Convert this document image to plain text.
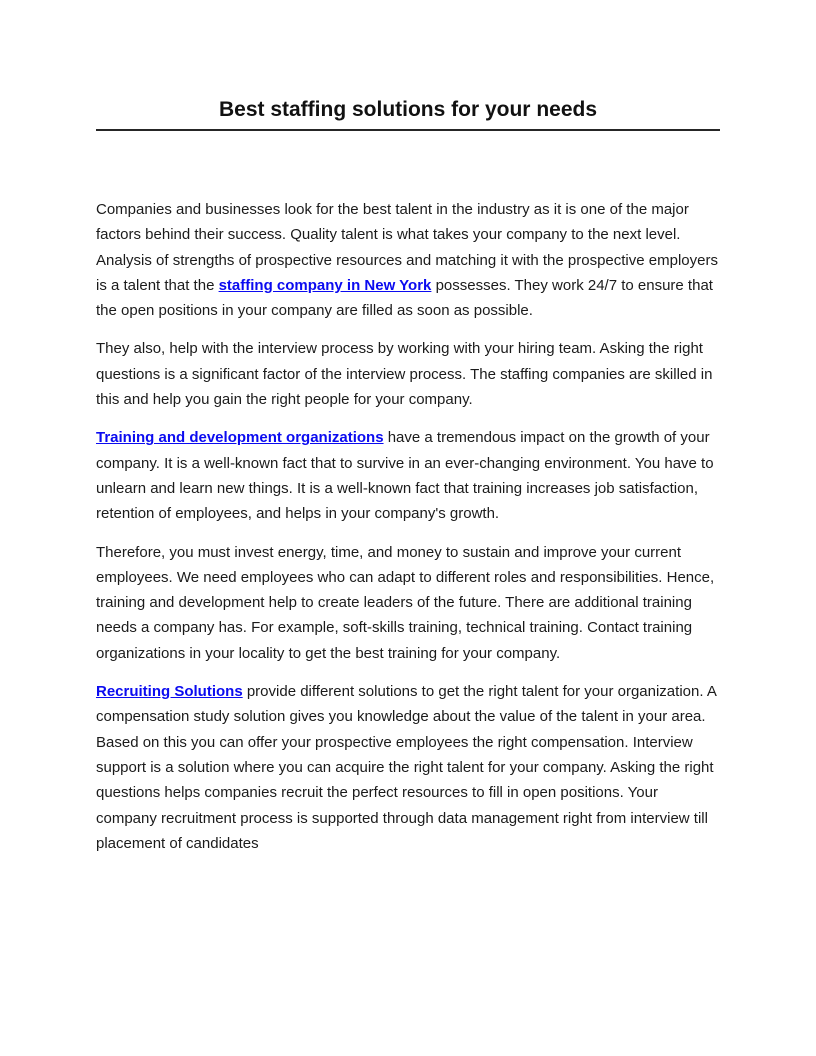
Best staffing solutions for your needs

Companies and businesses look for the best talent in the industry as it is one of the major factors behind their success. Quality talent is what takes your company to the next level. Analysis of strengths of prospective resources and matching it with the prospective employers is a talent that the staffing company in New York possesses. They work 24/7 to ensure that the open positions in your company are filled as soon as possible.

They also, help with the interview process by working with your hiring team. Asking the right questions is a significant factor of the interview process. The staffing companies are skilled in this and help you gain the right people for your company.

Training and development organizations have a tremendous impact on the growth of your company. It is a well-known fact that to survive in an ever-changing environment. You have to unlearn and learn new things. It is a well-known fact that training increases job satisfaction, retention of employees, and helps in your company's growth.

Therefore, you must invest energy, time, and money to sustain and improve your current employees. We need employees who can adapt to different roles and responsibilities. Hence, training and development help to create leaders of the future. There are additional training needs a company has. For example, soft-skills training, technical training. Contact training organizations in your locality to get the best training for your company.

Recruiting Solutions provide different solutions to get the right talent for your organization. A compensation study solution gives you knowledge about the value of the talent in your area. Based on this you can offer your prospective employees the right compensation. Interview support is a solution where you can acquire the right talent for your company. Asking the right questions helps companies recruit the perfect resources to fill in open positions. Your company recruitment process is supported through data management right from interview till placement of candidates
